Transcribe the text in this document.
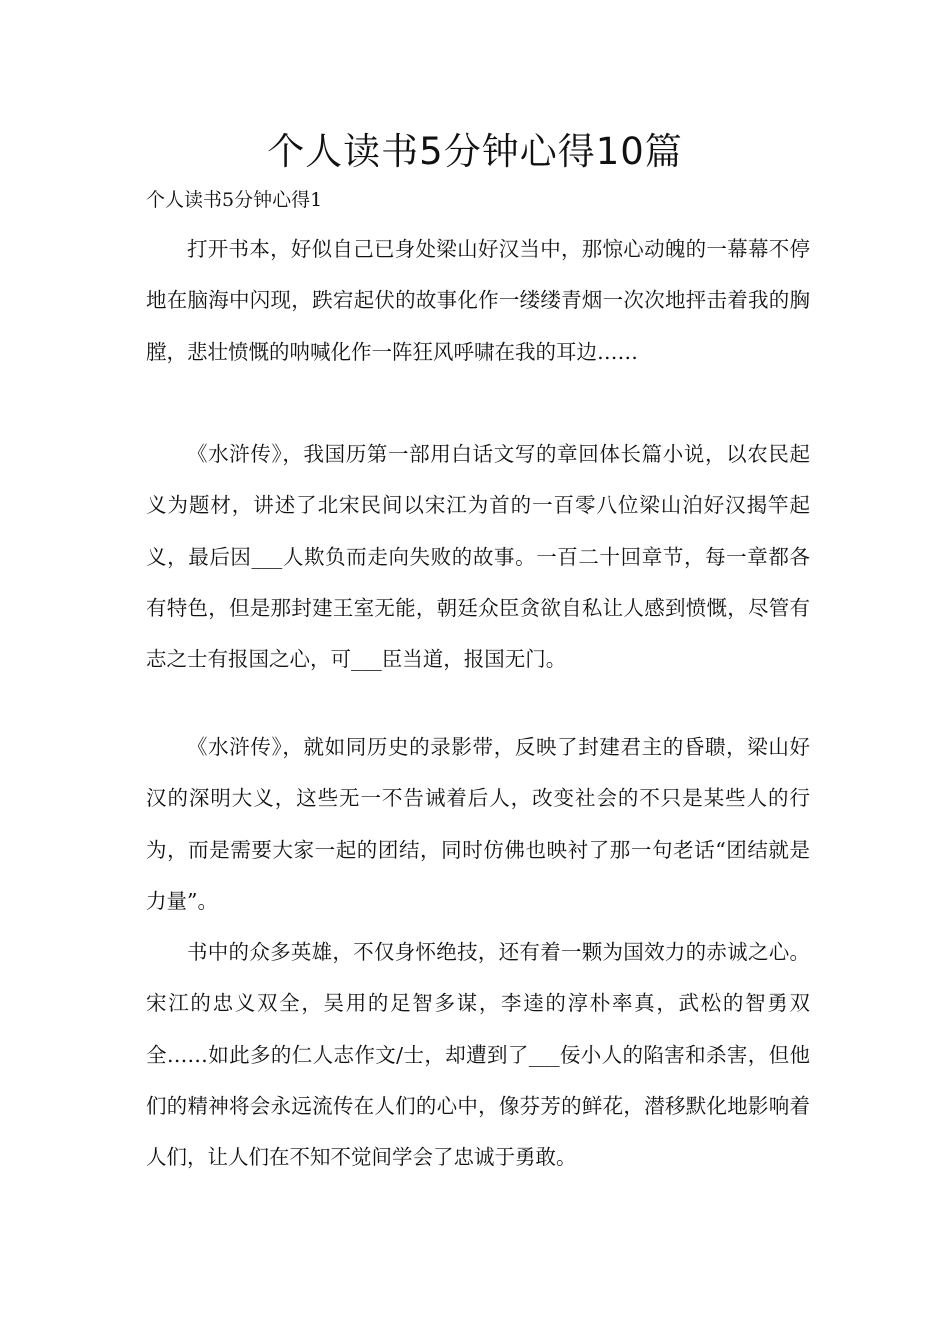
个人读书5分钟心得10篇

个人读书5分钟心得1

打开书本，好似自己已身处梁山好汉当中，那惊心动魄的一幕幕不停地在脑海中闪现，跌宕起伏的故事化作一缕缕青烟一次次地抨击着我的胸膛，悲壮愤慨的呐喊化作一阵狂风呼啸在我的耳边……

《水浒传》，我国历第一部用白话文写的章回体长篇小说，以农民起义为题材，讲述了北宋民间以宋江为首的一百零八位梁山泊好汉揭竿起义，最后因___人欺负而走向失败的故事。一百二十回章节，每一章都各有特色，但是那封建王室无能，朝廷众臣贪欲自私让人感到愤慨，尽管有志之士有报国之心，可___臣当道，报国无门。

《水浒传》，就如同历史的录影带，反映了封建君主的昏聩，梁山好汉的深明大义，这些无一不告诫着后人，改变社会的不只是某些人的行为，而是需要大家一起的团结，同时仿佛也映衬了那一句老话“团结就是力量”。

书中的众多英雄，不仅身怀绝技，还有着一颗为国效力的赤诚之心。宋江的忠义双全，吴用的足智多谋，李逵的淳朴率真，武松的智勇双全……如此多的仁人志作文/士，却遭到了___佞小人的陷害和杀害，但他们的精神将会永远流传在人们的心中，像芬芳的鲜花，潜移默化地影响着人们，让人们在不知不觉间学会了忠诚于勇敢。
